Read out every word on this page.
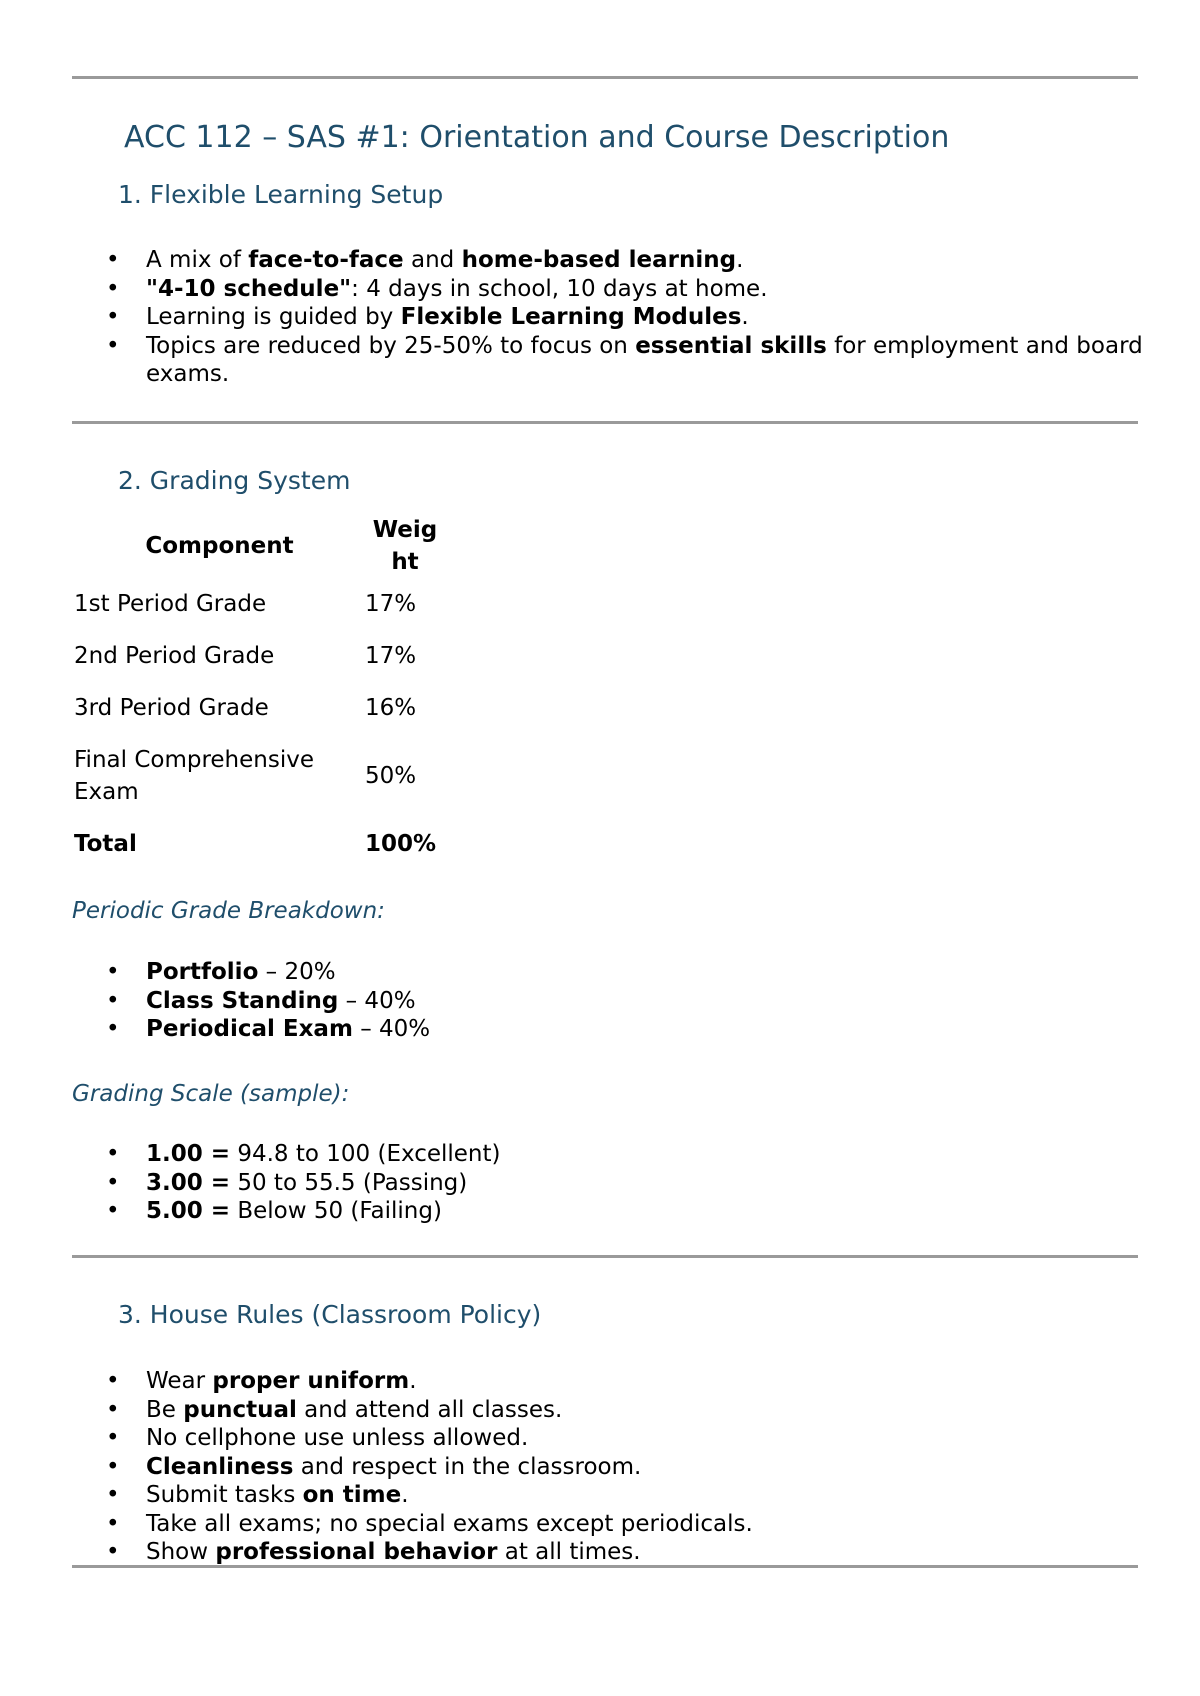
ACC 112 – SAS #1: Orientation and Course Description
1. Flexible Learning Setup
• A mix of face-to-face and home-based learning.
• "4-10 schedule": 4 days in school, 10 days at home.
• Learning is guided by Flexible Learning Modules.
• Topics are reduced by 25-50% to focus on essential skills for employment and board exams.
2. Grading System
Component	Weight
1st Period Grade	17%
2nd Period Grade	17%
3rd Period Grade	16%
Final Comprehensive Exam	50%
Total	100%
Periodic Grade Breakdown:
• Portfolio – 20%
• Class Standing – 40%
• Periodical Exam – 40%
Grading Scale (sample):
• 1.00 = 94.8 to 100 (Excellent)
• 3.00 = 50 to 55.5 (Passing)
• 5.00 = Below 50 (Failing)
3. House Rules (Classroom Policy)
• Wear proper uniform.
• Be punctual and attend all classes.
• No cellphone use unless allowed.
• Cleanliness and respect in the classroom.
• Submit tasks on time.
• Take all exams; no special exams except periodicals.
• Show professional behavior at all times.
